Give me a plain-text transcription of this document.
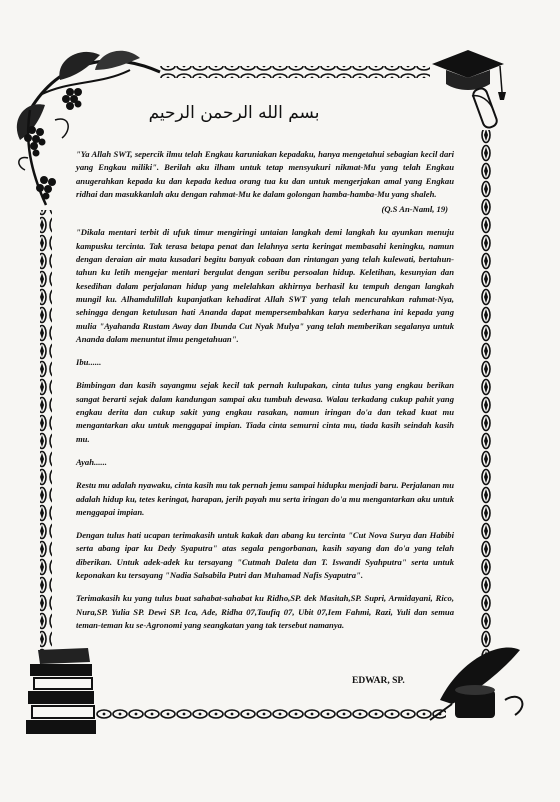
بسم الله الرحمن الرحيم

"Ya Allah SWT, sepercik ilmu telah Engkau karuniakan kepadaku, hanya mengetahui sebagian kecil dari yang Engkau miliki". Berilah aku ilham untuk tetap mensyukuri nikmat-Mu yang telah Engkau anugerahkan kepada ku dan kepada kedua orang tua ku dan untuk mengerjakan amal yang Engkau ridhai dan masukkanlah aku dengan rahmat-Mu ke dalam golongan hamba-hamba-Mu yang shaleh.

(Q.S An-Naml, 19)

"Dikala mentari terbit di ufuk timur mengiringi untaian langkah demi langkah ku ayunkan menuju kampusku tercinta. Tak terasa betapa penat dan lelahnya serta keringat membasahi keningku, namun dengan deraian air mata kusadari begitu banyak cobaan dan rintangan yang telah kulewati, bertahun-tahun ku letih mengejar mentari bergulat dengan seribu persoalan hidup. Keletihan, kesunyian dan kesedihan dalam perjalanan hidup yang melelahkan akhirnya berhasil ku tempuh dengan langkah mungil ku. Alhamdulillah kupanjatkan kehadirat Allah SWT yang telah mencurahkan rahmat-Nya, sehingga dengan ketulusan hati Ananda dapat mempersembahkan karya sederhana ini kepada yang mulia "Ayahanda Rustam Away dan Ibunda Cut Nyak Mulya" yang telah memberikan segalanya untuk Ananda dalam menuntut ilmu pengetahuan".

Ibu......

Bimbingan dan kasih sayangmu sejak kecil tak pernah kulupakan, cinta tulus yang engkau berikan sangat berarti sejak dalam kandungan sampai aku tumbuh dewasa. Walau terkadang cukup pahit yang engkau derita dan cukup sakit yang engkau rasakan, namun iringan do'a dan tekad kuat mu mengantarkan aku untuk menggapai impian. Tiada cinta semurni cinta mu, tiada kasih seindah kasih mu.

Ayah......

Restu mu adalah nyawaku, cinta kasih mu tak pernah jemu sampai hidupku menjadi baru. Perjalanan mu adalah hidup ku, tetes keringat, harapan, jerih payah mu serta iringan do'a mu mengantarkan aku untuk menggapai impian.

Dengan tulus hati ucapan terimakasih untuk kakak dan abang ku tercinta "Cut Nova Surya dan Habibi serta abang ipar ku Dedy Syaputra" atas segala pengorbanan, kasih sayang dan do'a yang telah diberikan. Untuk adek-adek ku tersayang "Cutmah Daleta dan T. Iswandi Syahputra" serta untuk keponakan ku tersayang "Nadia Salsabila Putri dan Muhamad Nafis Syaputra".

Terimakasih ku yang tulus buat sahabat-sahabat ku Ridho,SP. dek Masitah,SP. Supri, Armidayani, Rico, Nura,SP. Yulia SP. Dewi SP. Ica, Ade, Ridha 07,Taufiq 07, Ubit 07,Iem Fahmi, Razi, Yuli dan semua teman-teman ku se-Agronomi yang seangkatan yang tak tersebut namanya.

EDWAR, SP.
